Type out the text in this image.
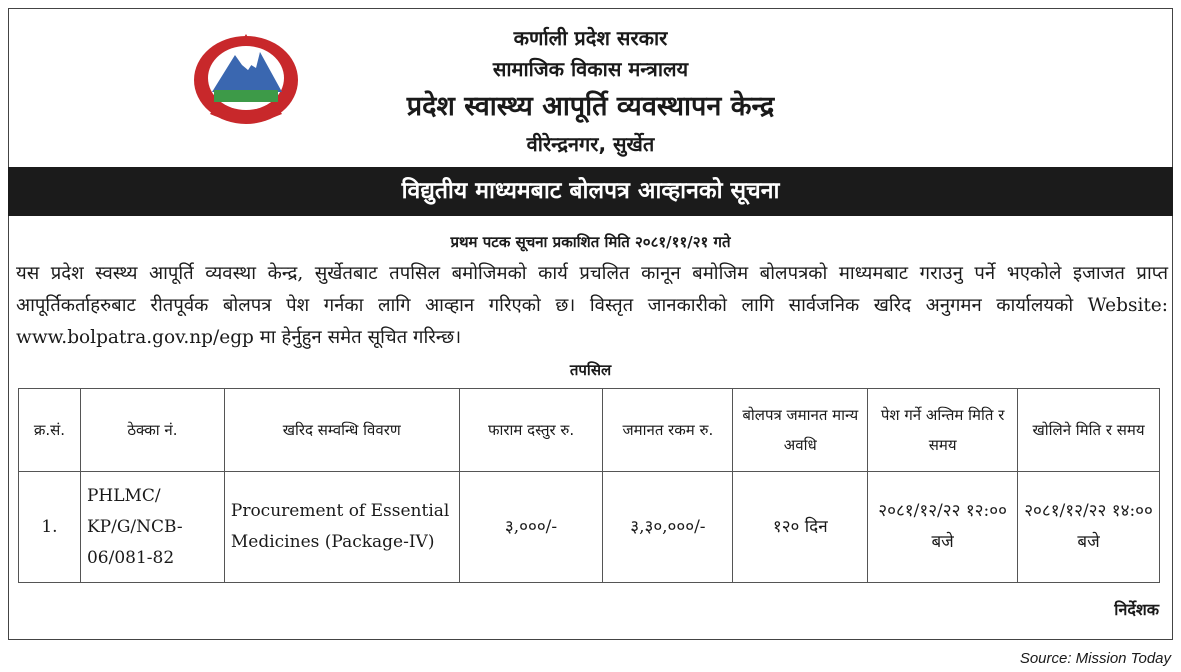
कर्णाली प्रदेश सरकार
सामाजिक विकास मन्त्रालय
प्रदेश स्वास्थ्य आपूर्ति व्यवस्थापन केन्द्र
वीरेन्द्रनगर, सुर्खेत
विद्युतीय माध्यमबाट बोलपत्र आव्हानको सूचना
प्रथम पटक सूचना प्रकाशित मिति २०८१/११/२१ गते
यस प्रदेश स्वस्थ्य आपूर्ति व्यवस्था केन्द्र, सुर्खेतबाट तपसिल बमोजिमको कार्य प्रचलित कानून बमोजिम बोलपत्रको माध्यमबाट गराउनु पर्ने भएकोले इजाजत प्राप्त आपूर्तिकर्ताहरुबाट रीतपूर्वक बोलपत्र पेश गर्नका लागि आव्हान गरिएको छ। विस्तृत जानकारीको लागि सार्वजनिक खरिद अनुगमन कार्यालयको Website: www.bolpatra.gov.np/egp मा हेर्नुहुन समेत सूचित गरिन्छ।
तपसिल
क्र.सं.	ठेक्का नं.	खरिद सम्वन्धि विवरण	फाराम दस्तुर रु.	जमानत रकम रु.	बोलपत्र जमानत मान्य अवधि	पेश गर्ने अन्तिम मिति र समय	खोलिने मिति र समय
1.	PHLMC/ KP/G/NCB- 06/081-82	Procurement of Essential Medicines (Package-IV)	३,०००/-	३,३०,०००/-	१२० दिन	२०८१/१२/२२ १२:०० बजे	२०८१/१२/२२ १४:०० बजे
निर्देशक
Source: Mission Today
